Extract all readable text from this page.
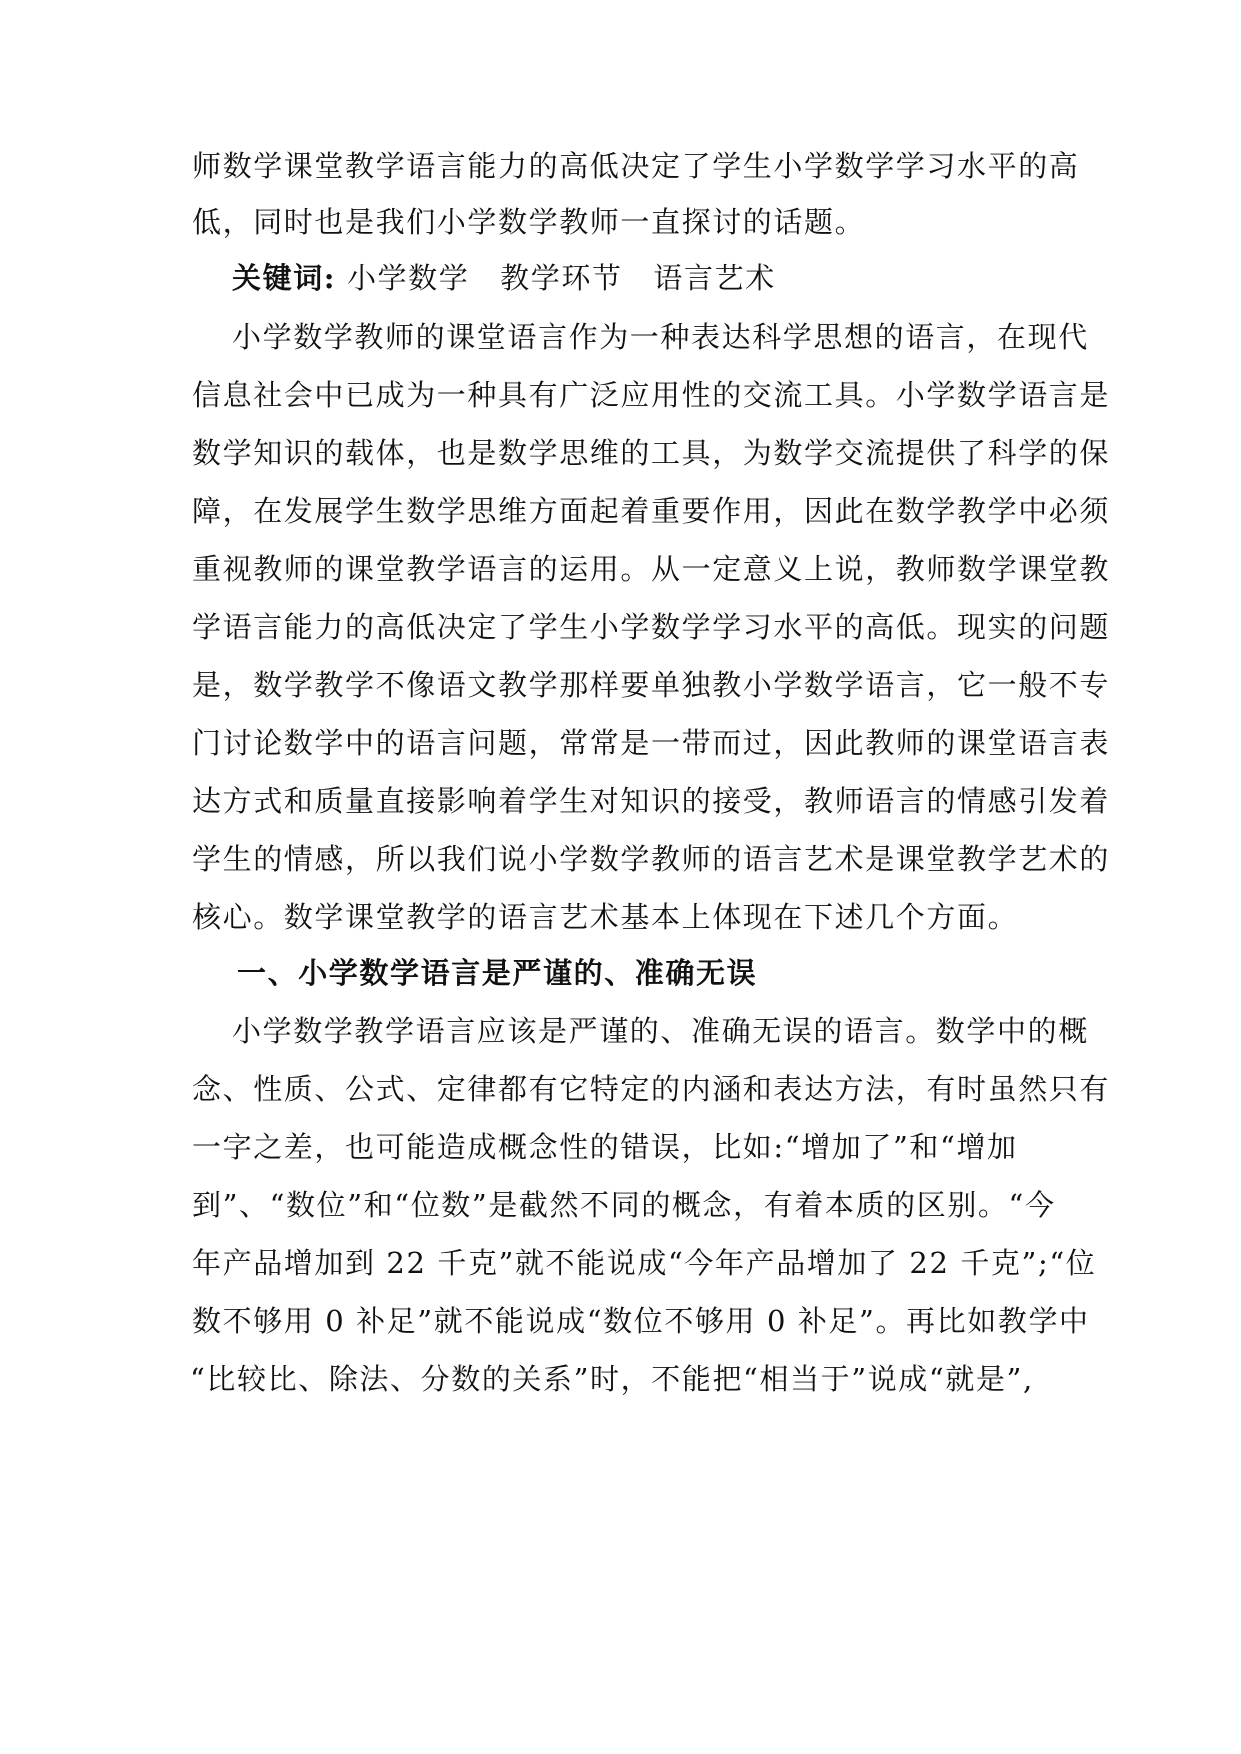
师数学课堂教学语言能力的高低决定了学生小学数学学习水平的高
低，同时也是我们小学数学教师一直探讨的话题。
关键词: 小学数学 教学环节 语言艺术
小学数学教师的课堂语言作为一种表达科学思想的语言，在现代
信息社会中已成为一种具有广泛应用性的交流工具。小学数学语言是
数学知识的载体，也是数学思维的工具，为数学交流提供了科学的保
障，在发展学生数学思维方面起着重要作用，因此在数学教学中必须
重视教师的课堂教学语言的运用。从一定意义上说，教师数学课堂教
学语言能力的高低决定了学生小学数学学习水平的高低。现实的问题
是，数学教学不像语文教学那样要单独教小学数学语言，它一般不专
门讨论数学中的语言问题，常常是一带而过，因此教师的课堂语言表
达方式和质量直接影响着学生对知识的接受，教师语言的情感引发着
学生的情感，所以我们说小学数学教师的语言艺术是课堂教学艺术的
核心。数学课堂教学的语言艺术基本上体现在下述几个方面。
一、小学数学语言是严谨的、准确无误
小学数学教学语言应该是严谨的、准确无误的语言。数学中的概
念、性质、公式、定律都有它特定的内涵和表达方法，有时虽然只有
一字之差，也可能造成概念性的错误，比如:“增加了”和“增加
到”、“数位”和“位数”是截然不同的概念，有着本质的区别。“今
年产品增加到 22 千克”就不能说成“今年产品增加了 22 千克”;“位
数不够用 0 补足”就不能说成“数位不够用 0 补足”。再比如教学中
“比较比、除法、分数的关系”时，不能把“相当于”说成“就是”,
